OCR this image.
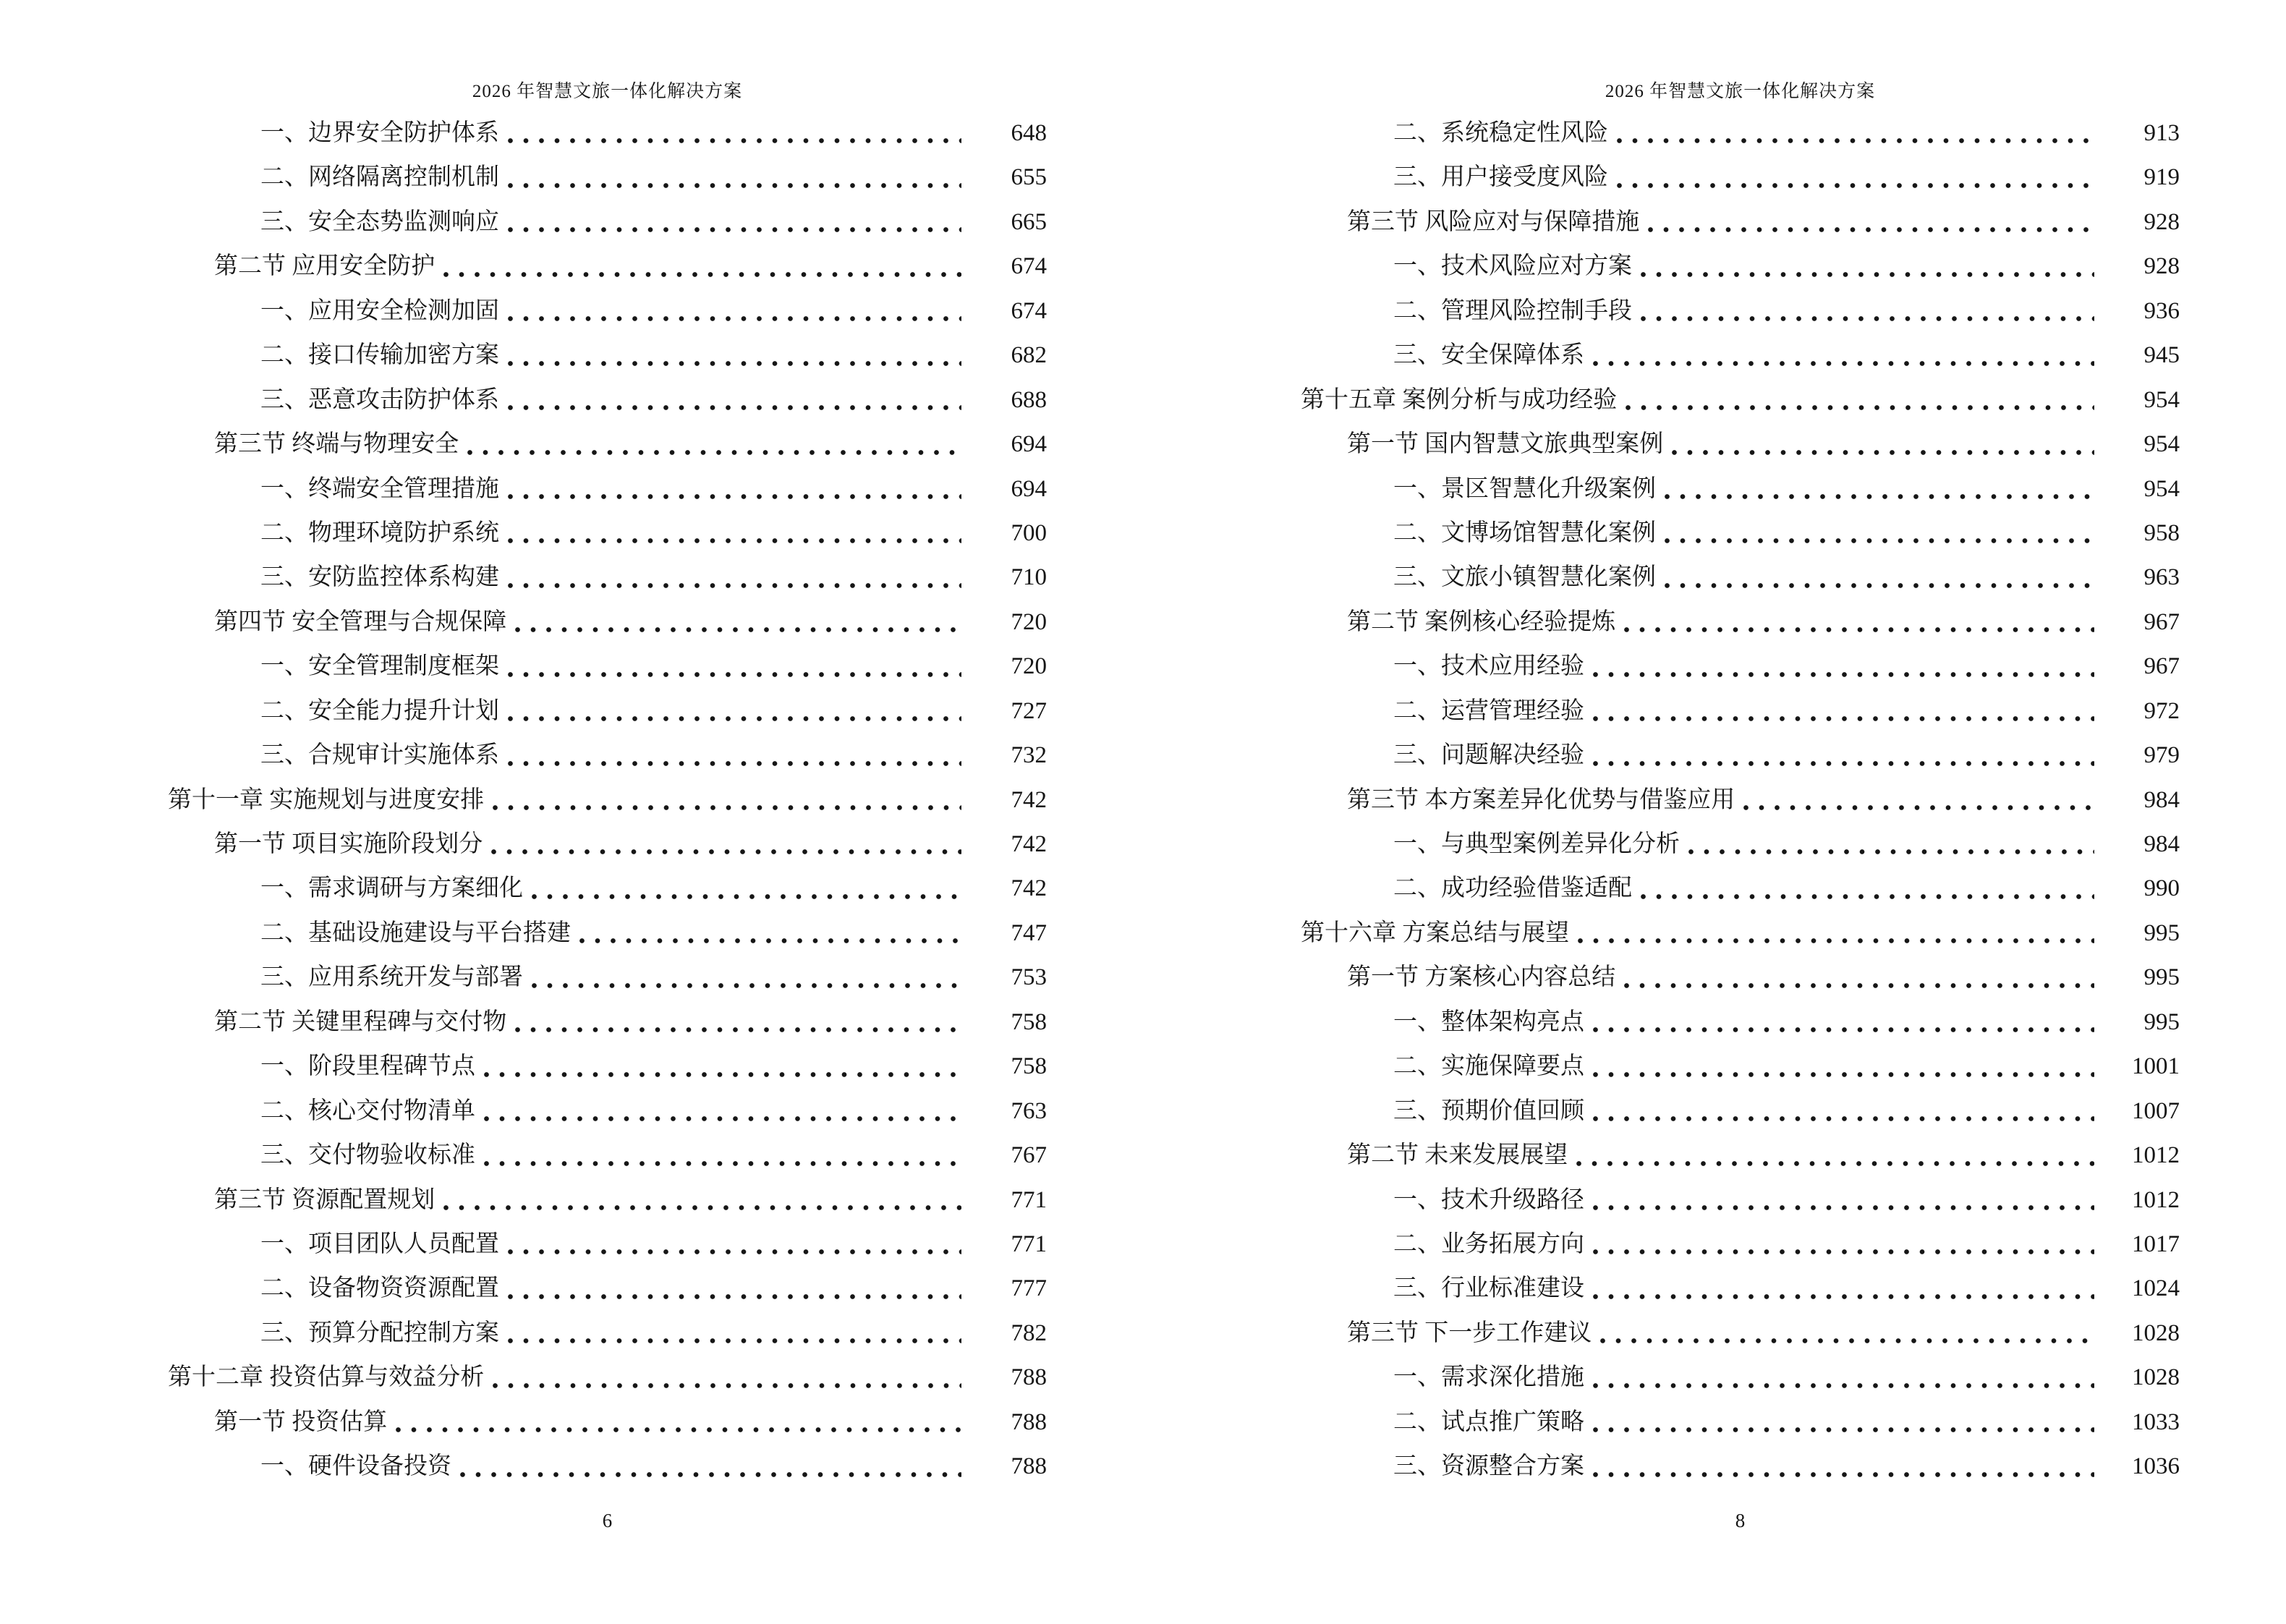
2026 年智慧文旅一体化解决方案
一、边界安全防护体系	648
二、网络隔离控制机制	655
三、安全态势监测响应	665
第二节 应用安全防护	674
一、应用安全检测加固	674
二、接口传输加密方案	682
三、恶意攻击防护体系	688
第三节 终端与物理安全	694
一、终端安全管理措施	694
二、物理环境防护系统	700
三、安防监控体系构建	710
第四节 安全管理与合规保障	720
一、安全管理制度框架	720
二、安全能力提升计划	727
三、合规审计实施体系	732
第十一章 实施规划与进度安排	742
第一节 项目实施阶段划分	742
一、需求调研与方案细化	742
二、基础设施建设与平台搭建	747
三、应用系统开发与部署	753
第二节 关键里程碑与交付物	758
一、阶段里程碑节点	758
二、核心交付物清单	763
三、交付物验收标准	767
第三节 资源配置规划	771
一、项目团队人员配置	771
二、设备物资资源配置	777
三、预算分配控制方案	782
第十二章 投资估算与效益分析	788
第一节 投资估算	788
一、硬件设备投资	788
6
2026 年智慧文旅一体化解决方案
二、系统稳定性风险	913
三、用户接受度风险	919
第三节 风险应对与保障措施	928
一、技术风险应对方案	928
二、管理风险控制手段	936
三、安全保障体系	945
第十五章 案例分析与成功经验	954
第一节 国内智慧文旅典型案例	954
一、景区智慧化升级案例	954
二、文博场馆智慧化案例	958
三、文旅小镇智慧化案例	963
第二节 案例核心经验提炼	967
一、技术应用经验	967
二、运营管理经验	972
三、问题解决经验	979
第三节 本方案差异化优势与借鉴应用	984
一、与典型案例差异化分析	984
二、成功经验借鉴适配	990
第十六章 方案总结与展望	995
第一节 方案核心内容总结	995
一、整体架构亮点	995
二、实施保障要点	1001
三、预期价值回顾	1007
第二节 未来发展展望	1012
一、技术升级路径	1012
二、业务拓展方向	1017
三、行业标准建设	1024
第三节 下一步工作建议	1028
一、需求深化措施	1028
二、试点推广策略	1033
三、资源整合方案	1036
8
